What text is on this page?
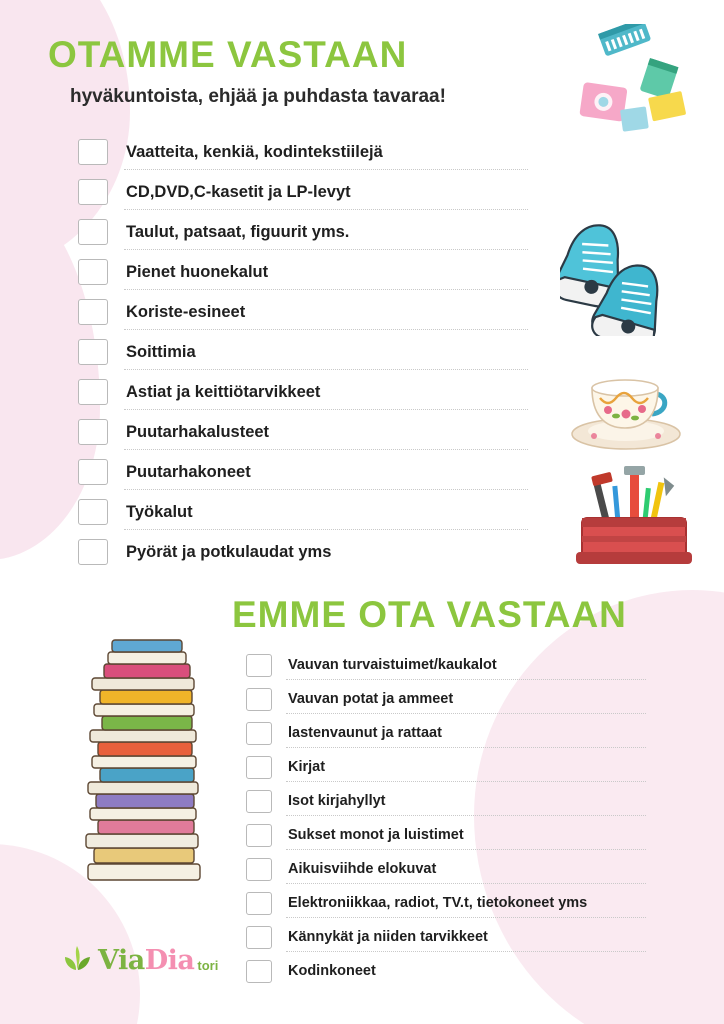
OTAMME VASTAAN
hyväkuntoista, ehjää ja puhdasta tavaraa!
Vaatteita, kenkiä, kodintekstiilejä
CD,DVD,C-kasetit ja LP-levyt
Taulut, patsaat, figuurit yms.
Pienet huonekalut
Koriste-esineet
Soittimia
Astiat ja keittiötarvikkeet
Puutarhakalusteet
Puutarhakoneet
Työkalut
Pyörät ja potkulaudat yms
EMME OTA VASTAAN
Vauvan turvaistuimet/kaukalot
Vauvan potat ja ammeet
lastenvaunut ja rattaat
Kirjat
Isot kirjahyllyt
Sukset monot ja luistimet
Aikuisviihde elokuvat
Elektroniikkaa, radiot, TV.t, tietokoneet yms
Kännykät ja niiden tarvikkeet
Kodinkoneet
ViaDia tori
